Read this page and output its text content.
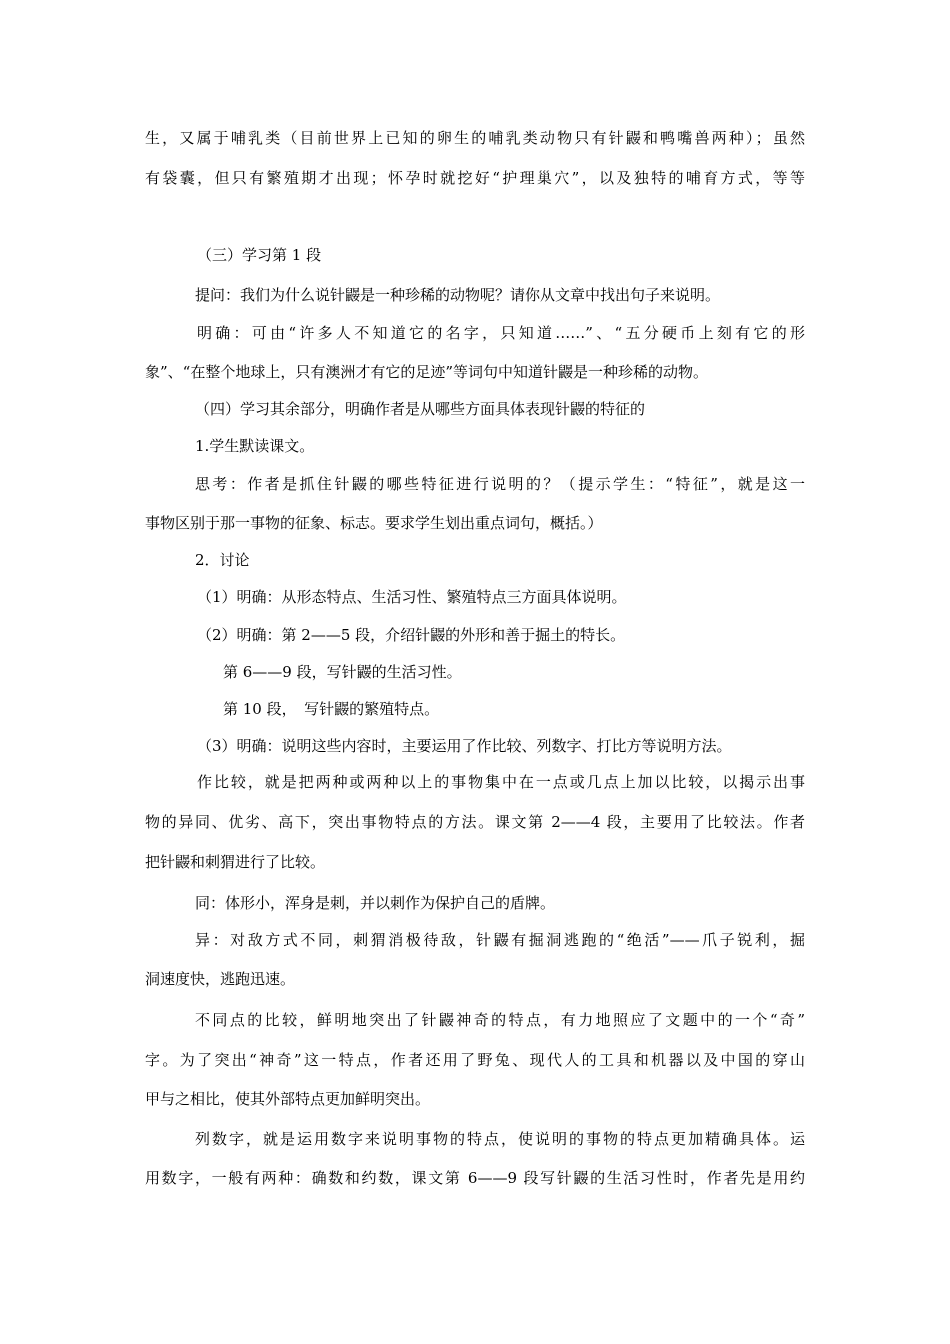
生，又属于哺乳类（目前世界上已知的卵生的哺乳类动物只有针鼹和鸭嘴兽两种）；虽然
有袋囊，但只有繁殖期才出现；怀孕时就挖好“护理巢穴”，以及独特的哺育方式，等等
（三）学习第 1 段
提问：我们为什么说针鼹是一种珍稀的动物呢？请你从文章中找出句子来说明。
明确：可由“许多人不知道它的名字，只知道……”、“五分硬币上刻有它的形
象”、“在整个地球上，只有澳洲才有它的足迹”等词句中知道针鼹是一种珍稀的动物。
（四）学习其余部分，明确作者是从哪些方面具体表现针鼹的特征的
1.学生默读课文。
思考：作者是抓住针鼹的哪些特征进行说明的？（提示学生：“特征”，就是这一
事物区别于那一事物的征象、标志。要求学生划出重点词句，概括。）
2．讨论
（1）明确：从形态特点、生活习性、繁殖特点三方面具体说明。
（2）明确：第 2——5 段，介绍针鼹的外形和善于掘土的特长。
第 6——9 段，写针鼹的生活习性。
第 10 段，　写针鼹的繁殖特点。
（3）明确：说明这些内容时，主要运用了作比较、列数字、打比方等说明方法。
作比较，就是把两种或两种以上的事物集中在一点或几点上加以比较，以揭示出事
物的异同、优劣、高下，突出事物特点的方法。课文第 2——4 段，主要用了比较法。作者
把针鼹和刺猬进行了比较。
同：体形小，浑身是刺，并以刺作为保护自己的盾牌。
异：对敌方式不同，刺猬消极待敌，针鼹有掘洞逃跑的“绝活”——爪子锐利，掘
洞速度快，逃跑迅速。
不同点的比较，鲜明地突出了针鼹神奇的特点，有力地照应了文题中的一个“奇”
字。为了突出“神奇”这一特点，作者还用了野兔、现代人的工具和机器以及中国的穿山
甲与之相比，使其外部特点更加鲜明突出。
列数字，就是运用数字来说明事物的特点，使说明的事物的特点更加精确具体。运
用数字，一般有两种：确数和约数，课文第 6——9 段写针鼹的生活习性时，作者先是用约
